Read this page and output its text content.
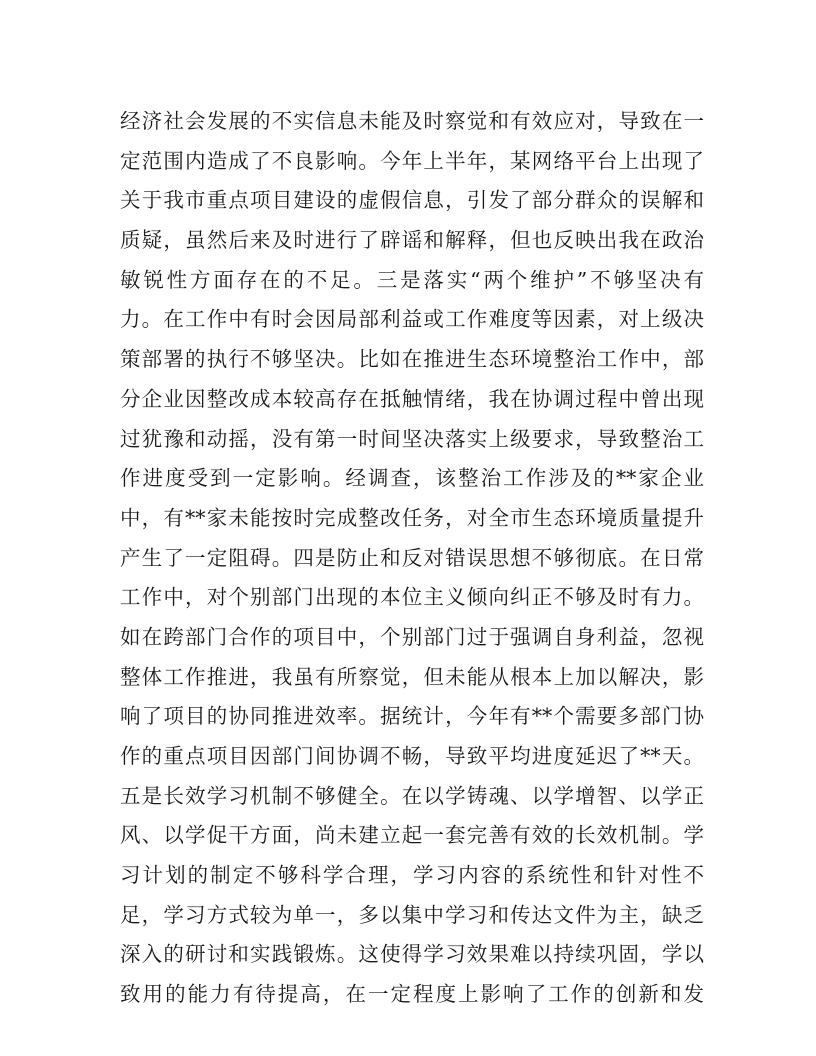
经济社会发展的不实信息未能及时察觉和有效应对，导致在一
定范围内造成了不良影响。今年上半年，某网络平台上出现了
关于我市重点项目建设的虚假信息，引发了部分群众的误解和
质疑，虽然后来及时进行了辟谣和解释，但也反映出我在政治
敏锐性方面存在的不足。三是落实“两个维护”不够坚决有
力。在工作中有时会因局部利益或工作难度等因素，对上级决
策部署的执行不够坚决。比如在推进生态环境整治工作中，部
分企业因整改成本较高存在抵触情绪，我在协调过程中曾出现
过犹豫和动摇，没有第一时间坚决落实上级要求，导致整治工
作进度受到一定影响。经调查，该整治工作涉及的**家企业
中，有**家未能按时完成整改任务，对全市生态环境质量提升
产生了一定阻碍。四是防止和反对错误思想不够彻底。在日常
工作中，对个别部门出现的本位主义倾向纠正不够及时有力。
如在跨部门合作的项目中，个别部门过于强调自身利益，忽视
整体工作推进，我虽有所察觉，但未能从根本上加以解决，影
响了项目的协同推进效率。据统计，今年有**个需要多部门协
作的重点项目因部门间协调不畅，导致平均进度延迟了**天。
五是长效学习机制不够健全。在以学铸魂、以学增智、以学正
风、以学促干方面，尚未建立起一套完善有效的长效机制。学
习计划的制定不够科学合理，学习内容的系统性和针对性不
足，学习方式较为单一，多以集中学习和传达文件为主，缺乏
深入的研讨和实践锻炼。这使得学习效果难以持续巩固，学以
致用的能力有待提高，在一定程度上影响了工作的创新和发
